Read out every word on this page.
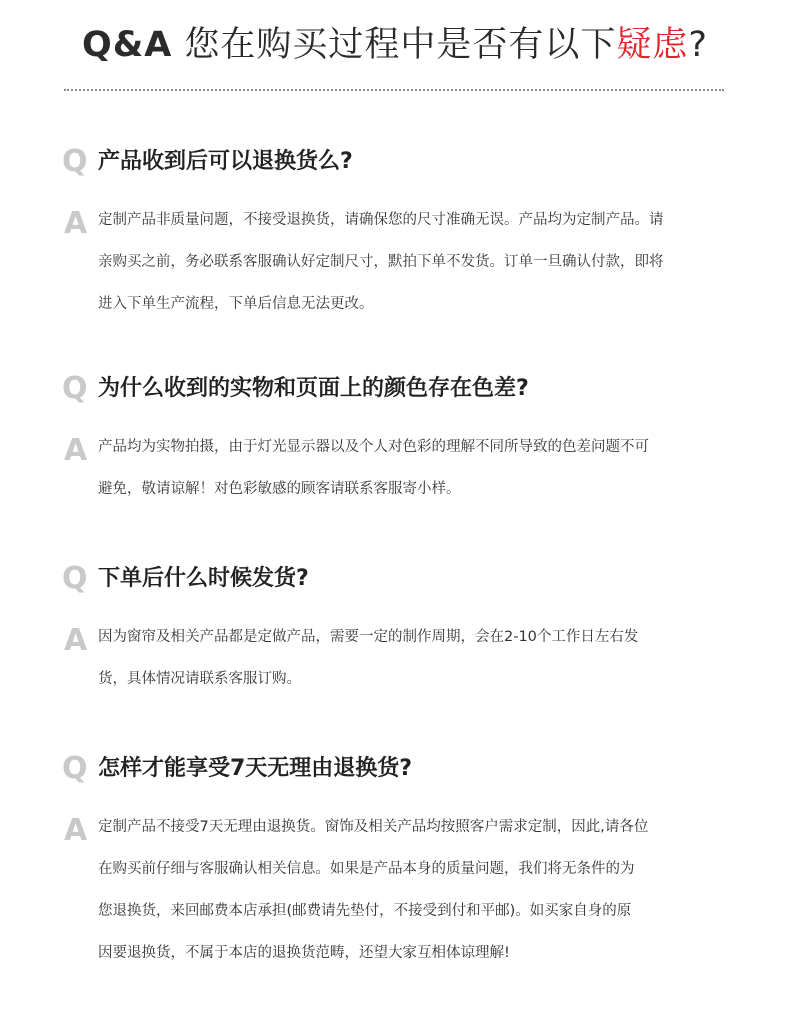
Q&A 您在购买过程中是否有以下疑虑?
Q 产品收到后可以退换货么?
A 定制产品非质量问题，不接受退换货，请确保您的尺寸准确无误。产品均为定制产品。请
亲购买之前，务必联系客服确认好定制尺寸，默拍下单不发货。订单一旦确认付款，即将
进入下单生产流程，下单后信息无法更改。
Q 为什么收到的实物和页面上的颜色存在色差?
A 产品均为实物拍摄，由于灯光显示器以及个人对色彩的理解不同所导致的色差问题不可
避免，敬请谅解！对色彩敏感的顾客请联系客服寄小样。
Q 下单后什么时候发货?
A 因为窗帘及相关产品都是定做产品，需要一定的制作周期，会在2-10个工作日左右发
货，具体情况请联系客服订购。
Q 怎样才能享受7天无理由退换货?
A 定制产品不接受7天无理由退换货。窗饰及相关产品均按照客户需求定制，因此,请各位
在购买前仔细与客服确认相关信息。如果是产品本身的质量问题，我们将无条件的为
您退换货，来回邮费本店承担(邮费请先垫付，不接受到付和平邮)。如买家自身的原
因要退换货，不属于本店的退换货范畴，还望大家互相体谅理解!
